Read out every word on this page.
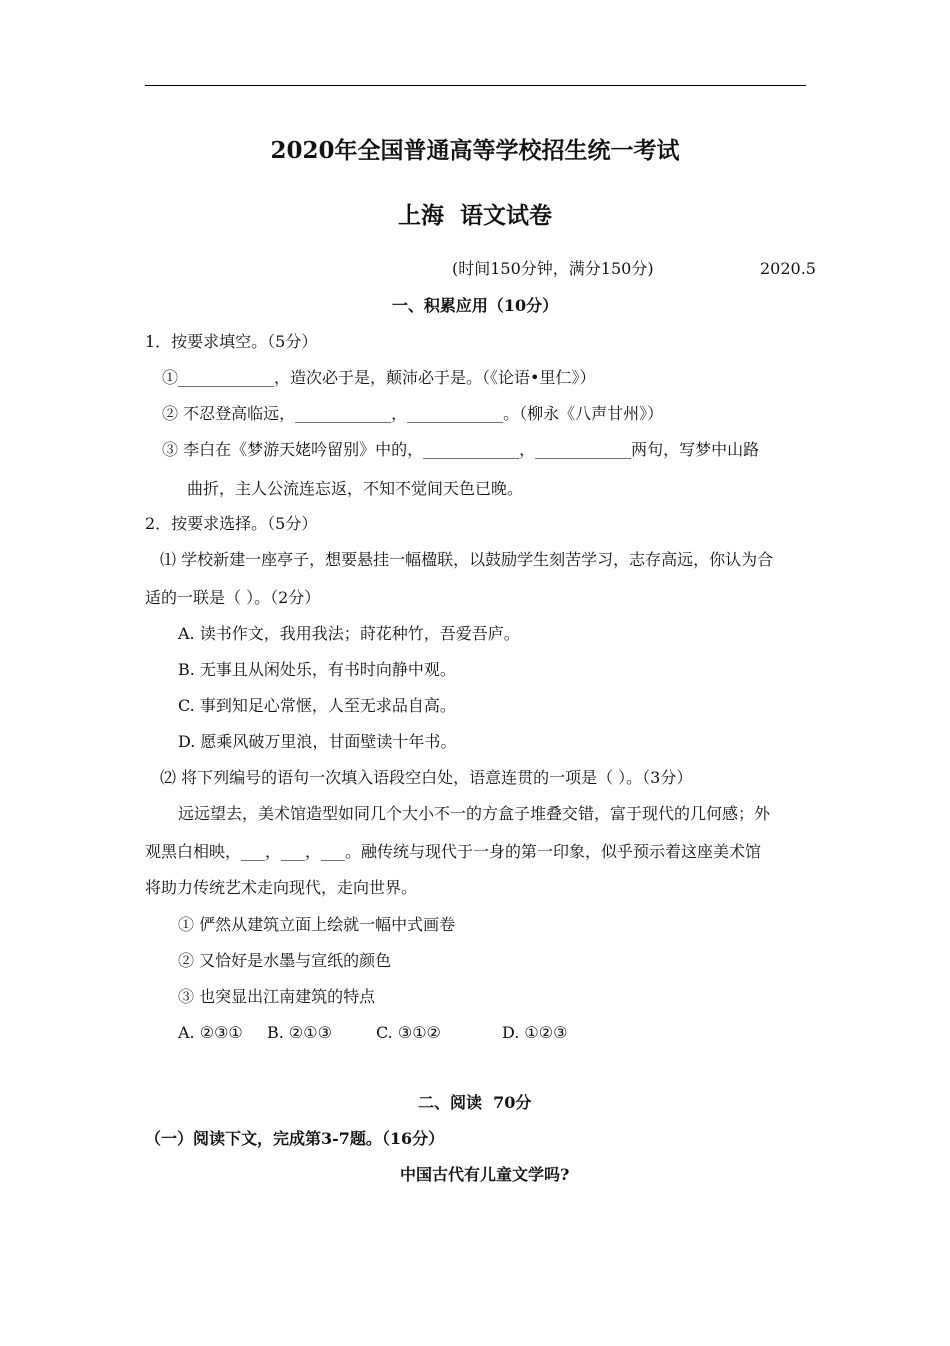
2020年全国普通高等学校招生统一考试
上海  语文试卷
(时间150分钟，满分150分)	2020.5
一、积累应用（10分）
1．按要求填空。（5分）
①____________，造次必于是，颠沛必于是。（《论语•里仁》）
② 不忍登高临远，____________，____________。（柳永《八声甘州》）
③ 李白在《梦游天姥吟留别》中的，____________，____________两句，写梦中山路
曲折，主人公流连忘返，不知不觉间天色已晚。
2．按要求选择。（5分）
⑴ 学校新建一座亭子，想要悬挂一幅楹联，以鼓励学生刻苦学习，志存高远，你认为合
适的一联是（ ）。（2分）
A. 读书作文，我用我法；莳花种竹，吾爱吾庐。
B. 无事且从闲处乐，有书时向静中观。
C. 事到知足心常惬，人至无求品自高。
D. 愿乘风破万里浪，甘面壁读十年书。
⑵ 将下列编号的语句一次填入语段空白处，语意连贯的一项是（ ）。（3分）
远远望去，美术馆造型如同几个大小不一的方盒子堆叠交错，富于现代的几何感；外
观黑白相映，___，___，___。融传统与现代于一身的第一印象，似乎预示着这座美术馆
将助力传统艺术走向现代，走向世界。
① 俨然从建筑立面上绘就一幅中式画卷
② 又恰好是水墨与宣纸的颜色
③ 也突显出江南建筑的特点
A. ②③① B. ②①③	C. ③①②	D. ①②③
二、阅读  70分
（一）阅读下文，完成第3-7题。（16分）
中国古代有儿童文学吗?
